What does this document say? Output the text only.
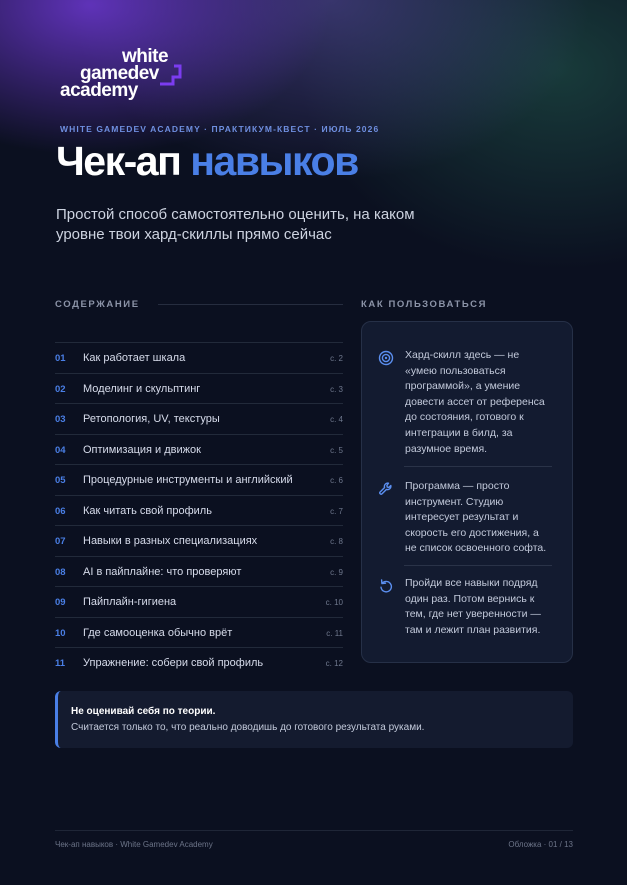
white
gamedev
academy
WHITE GAMEDEV ACADEMY · ПРАКТИКУМ-КВЕСТ · ИЮЛЬ 2026
Чек-ап навыков
Простой способ самостоятельно оценить, на каком уровне твои хард-скиллы прямо сейчас
СОДЕРЖАНИЕ	КАК ПОЛЬЗОВАТЬСЯ
01 Как работает шкала	с. 2
02 Моделинг и скульптинг	с. 3
03 Ретопология, UV, текстуры	с. 4
04 Оптимизация и движок	с. 5
05 Процедурные инструменты и английский	с. 6
06 Как читать свой профиль	с. 7
07 Навыки в разных специализациях	с. 8
08 AI в пайплайне: что проверяют	с. 9
09 Пайплайн-гигиена	с. 10
10 Где самооценка обычно врёт	с. 11
11 Упражнение: собери свой профиль	с. 12
Хард-скилл здесь — не «умею пользоваться программой», а умение довести ассет от референса до состояния, готового к интеграции в билд, за разумное время.
Программа — просто инструмент. Студию интересует результат и скорость его достижения, а не список освоенного софта.
Пройди все навыки подряд один раз. Потом вернись к тем, где нет уверенности — там и лежит план развития.
Не оценивай себя по теории.
Считается только то, что реально доводишь до готового результата руками.
Чек-ап навыков · White Gamedev Academy	Обложка · 01 / 13
